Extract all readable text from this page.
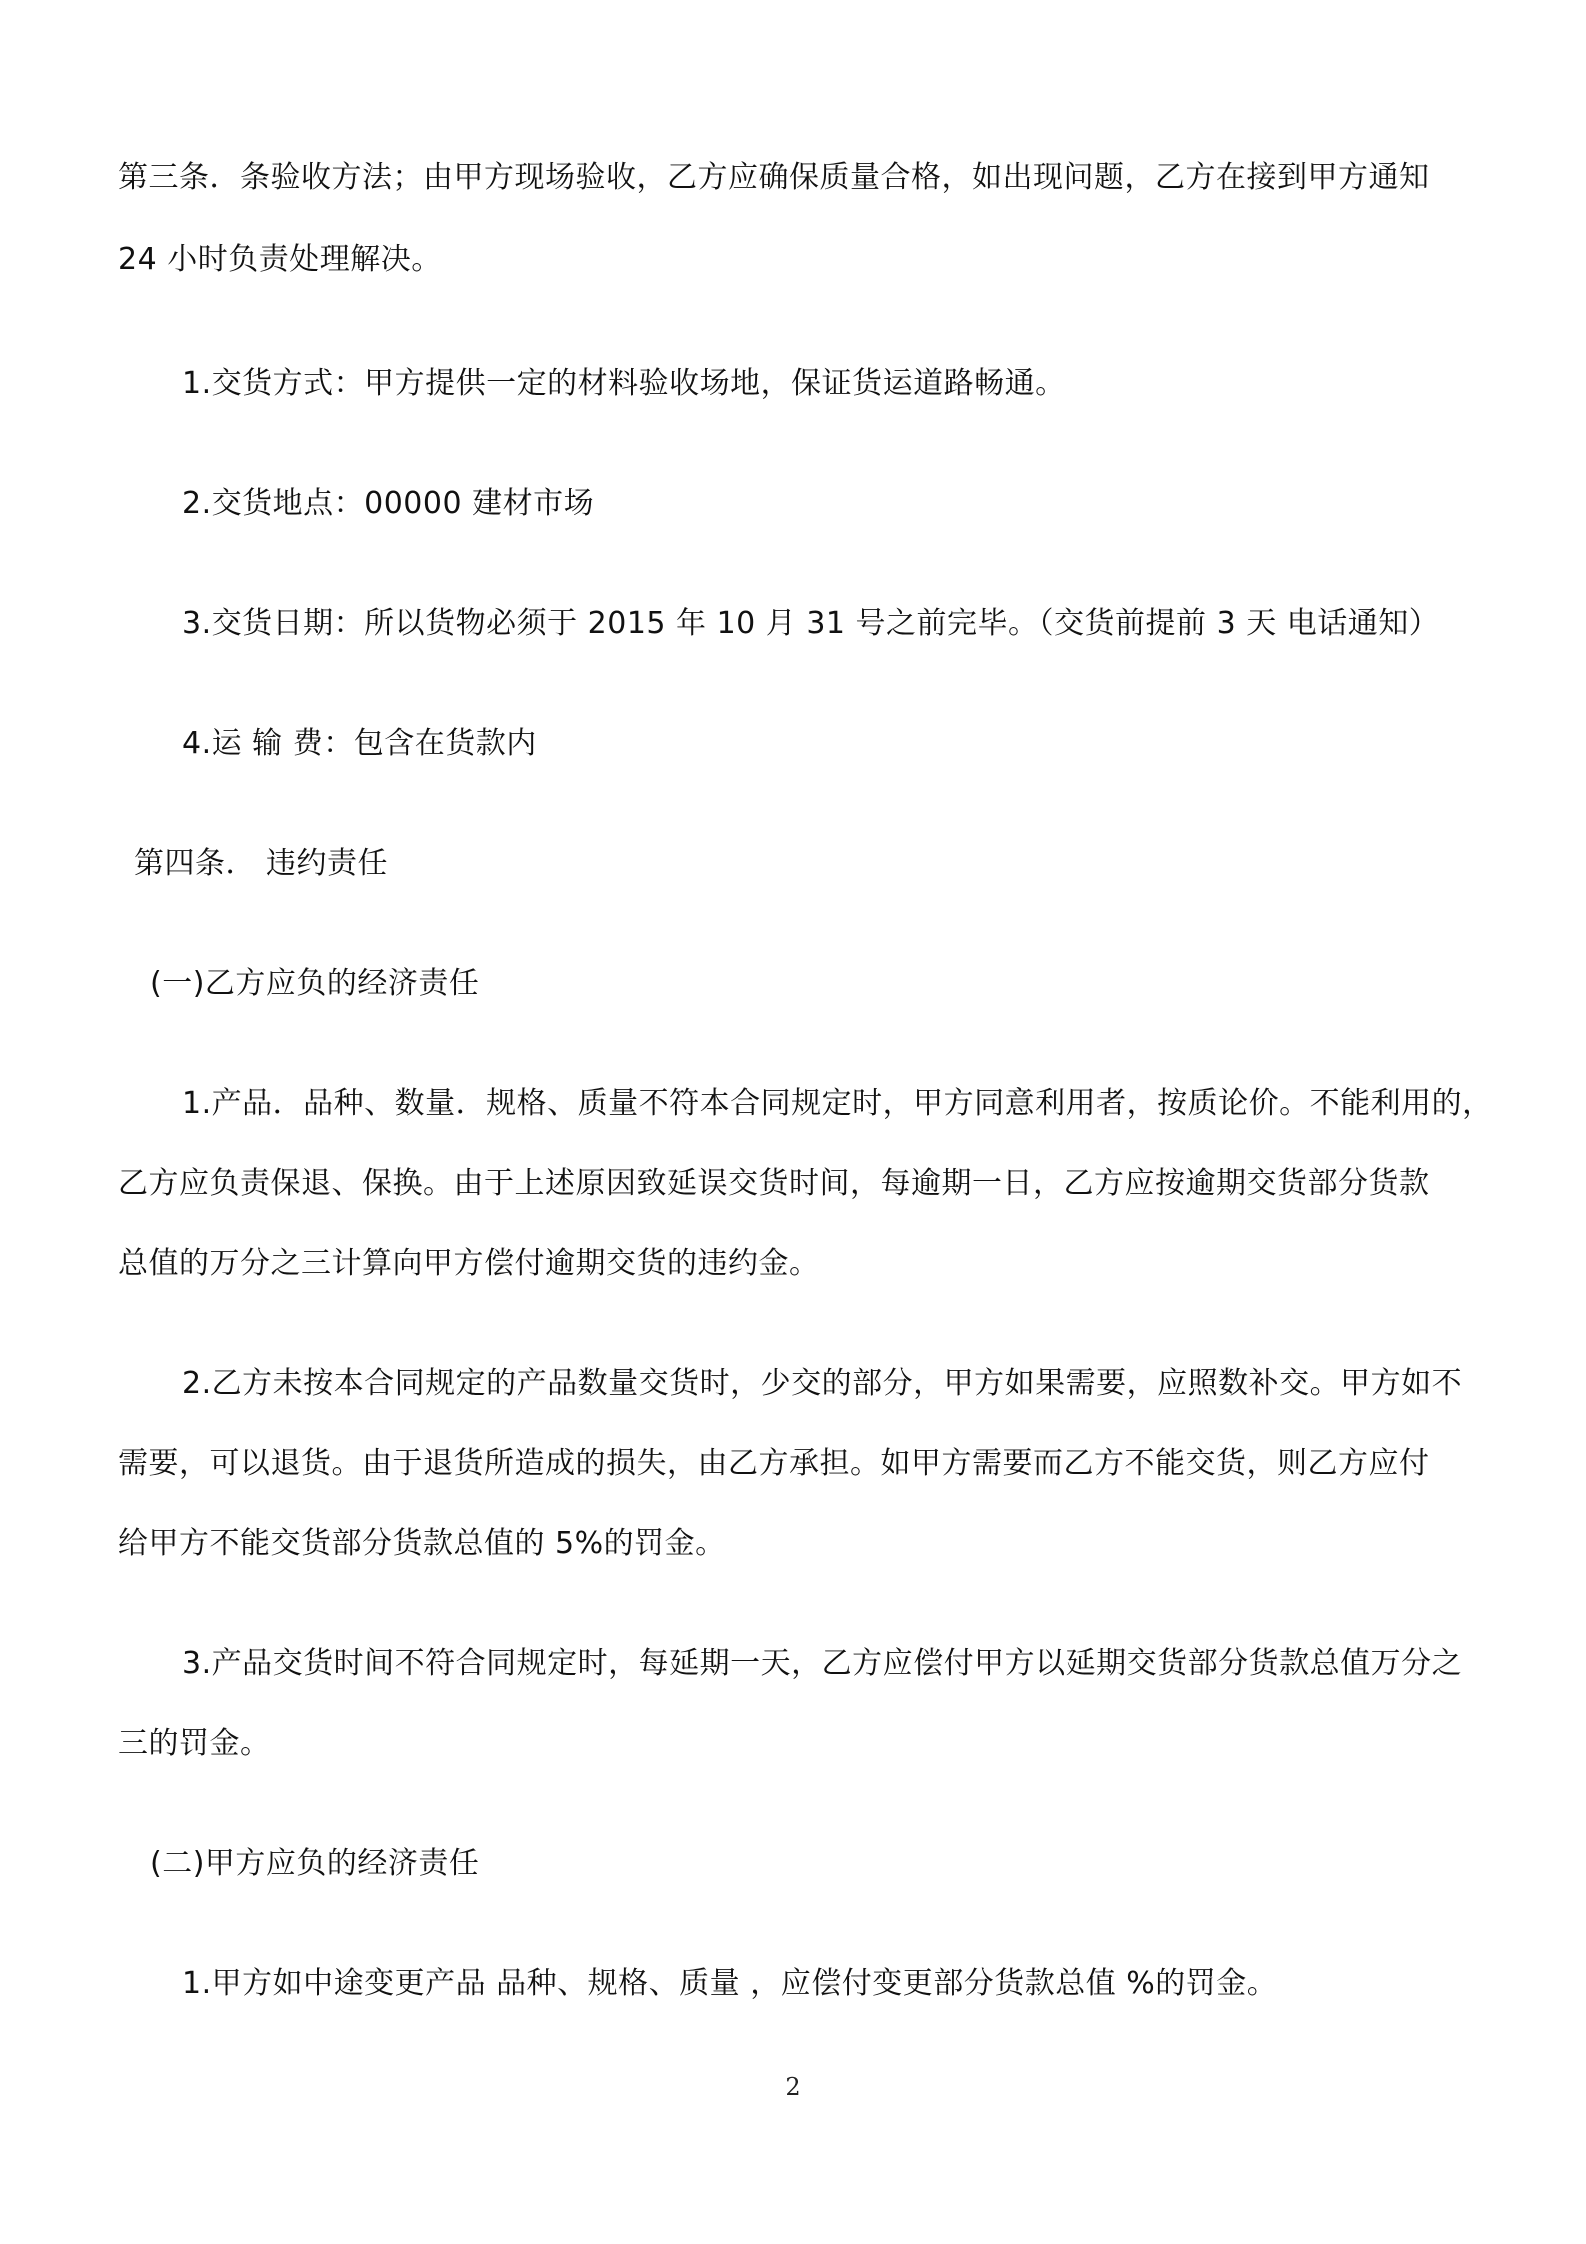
第三条．条验收方法；由甲方现场验收，乙方应确保质量合格，如出现问题，乙方在接到甲方通知
24 小时负责处理解决。
1.交货方式：甲方提供一定的材料验收场地，保证货运道路畅通。
2.交货地点：00000 建材市场
3.交货日期：所以货物必须于 2015 年 10 月 31 号之前完毕。（交货前提前 3 天 电话通知）
4.运 输 费：包含在货款内
第四条． 违约责任
(一)乙方应负的经济责任
1.产品．品种、数量．规格、质量不符本合同规定时，甲方同意利用者，按质论价。不能利用的，
乙方应负责保退、保换。由于上述原因致延误交货时间，每逾期一日，乙方应按逾期交货部分货款
总值的万分之三计算向甲方偿付逾期交货的违约金。
2.乙方未按本合同规定的产品数量交货时，少交的部分，甲方如果需要，应照数补交。甲方如不
需要，可以退货。由于退货所造成的损失，由乙方承担。如甲方需要而乙方不能交货，则乙方应付
给甲方不能交货部分货款总值的 5%的罚金。
3.产品交货时间不符合同规定时，每延期一天，乙方应偿付甲方以延期交货部分货款总值万分之
三的罚金。
(二)甲方应负的经济责任
1.甲方如中途变更产品 品种、规格、质量 ，应偿付变更部分货款总值 %的罚金。
2
